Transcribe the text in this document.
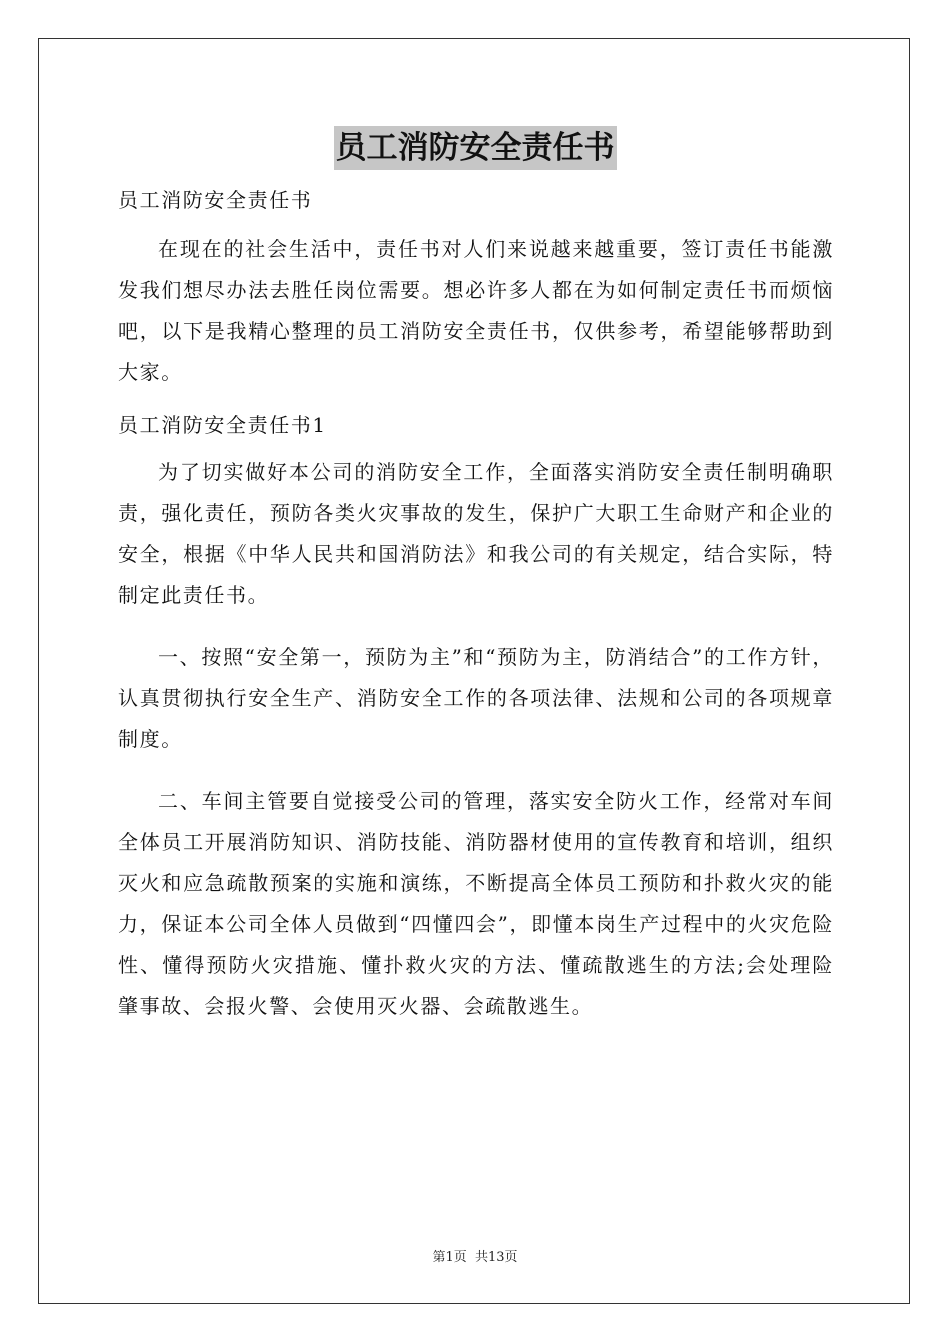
员工消防安全责任书
员工消防安全责任书

在现在的社会生活中，责任书对人们来说越来越重要，签订责任书能激发我们想尽办法去胜任岗位需要。想必许多人都在为如何制定责任书而烦恼吧，以下是我精心整理的员工消防安全责任书，仅供参考，希望能够帮助到大家。

员工消防安全责任书1

为了切实做好本公司的消防安全工作，全面落实消防安全责任制明确职责，强化责任，预防各类火灾事故的发生，保护广大职工生命财产和企业的安全，根据《中华人民共和国消防法》和我公司的有关规定，结合实际，特制定此责任书。

一、按照“安全第一，预防为主”和“预防为主，防消结合”的工作方针，认真贯彻执行安全生产、消防安全工作的各项法律、法规和公司的各项规章制度。

二、车间主管要自觉接受公司的管理，落实安全防火工作，经常对车间全体员工开展消防知识、消防技能、消防器材使用的宣传教育和培训，组织灭火和应急疏散预案的实施和演练，不断提高全体员工预防和扑救火灾的能力，保证本公司全体人员做到“四懂四会”，即懂本岗生产过程中的火灾危险性、懂得预防火灾措施、懂扑救火灾的方法、懂疏散逃生的方法;会处理险肇事故、会报火警、会使用灭火器、会疏散逃生。

第1页 共13页
